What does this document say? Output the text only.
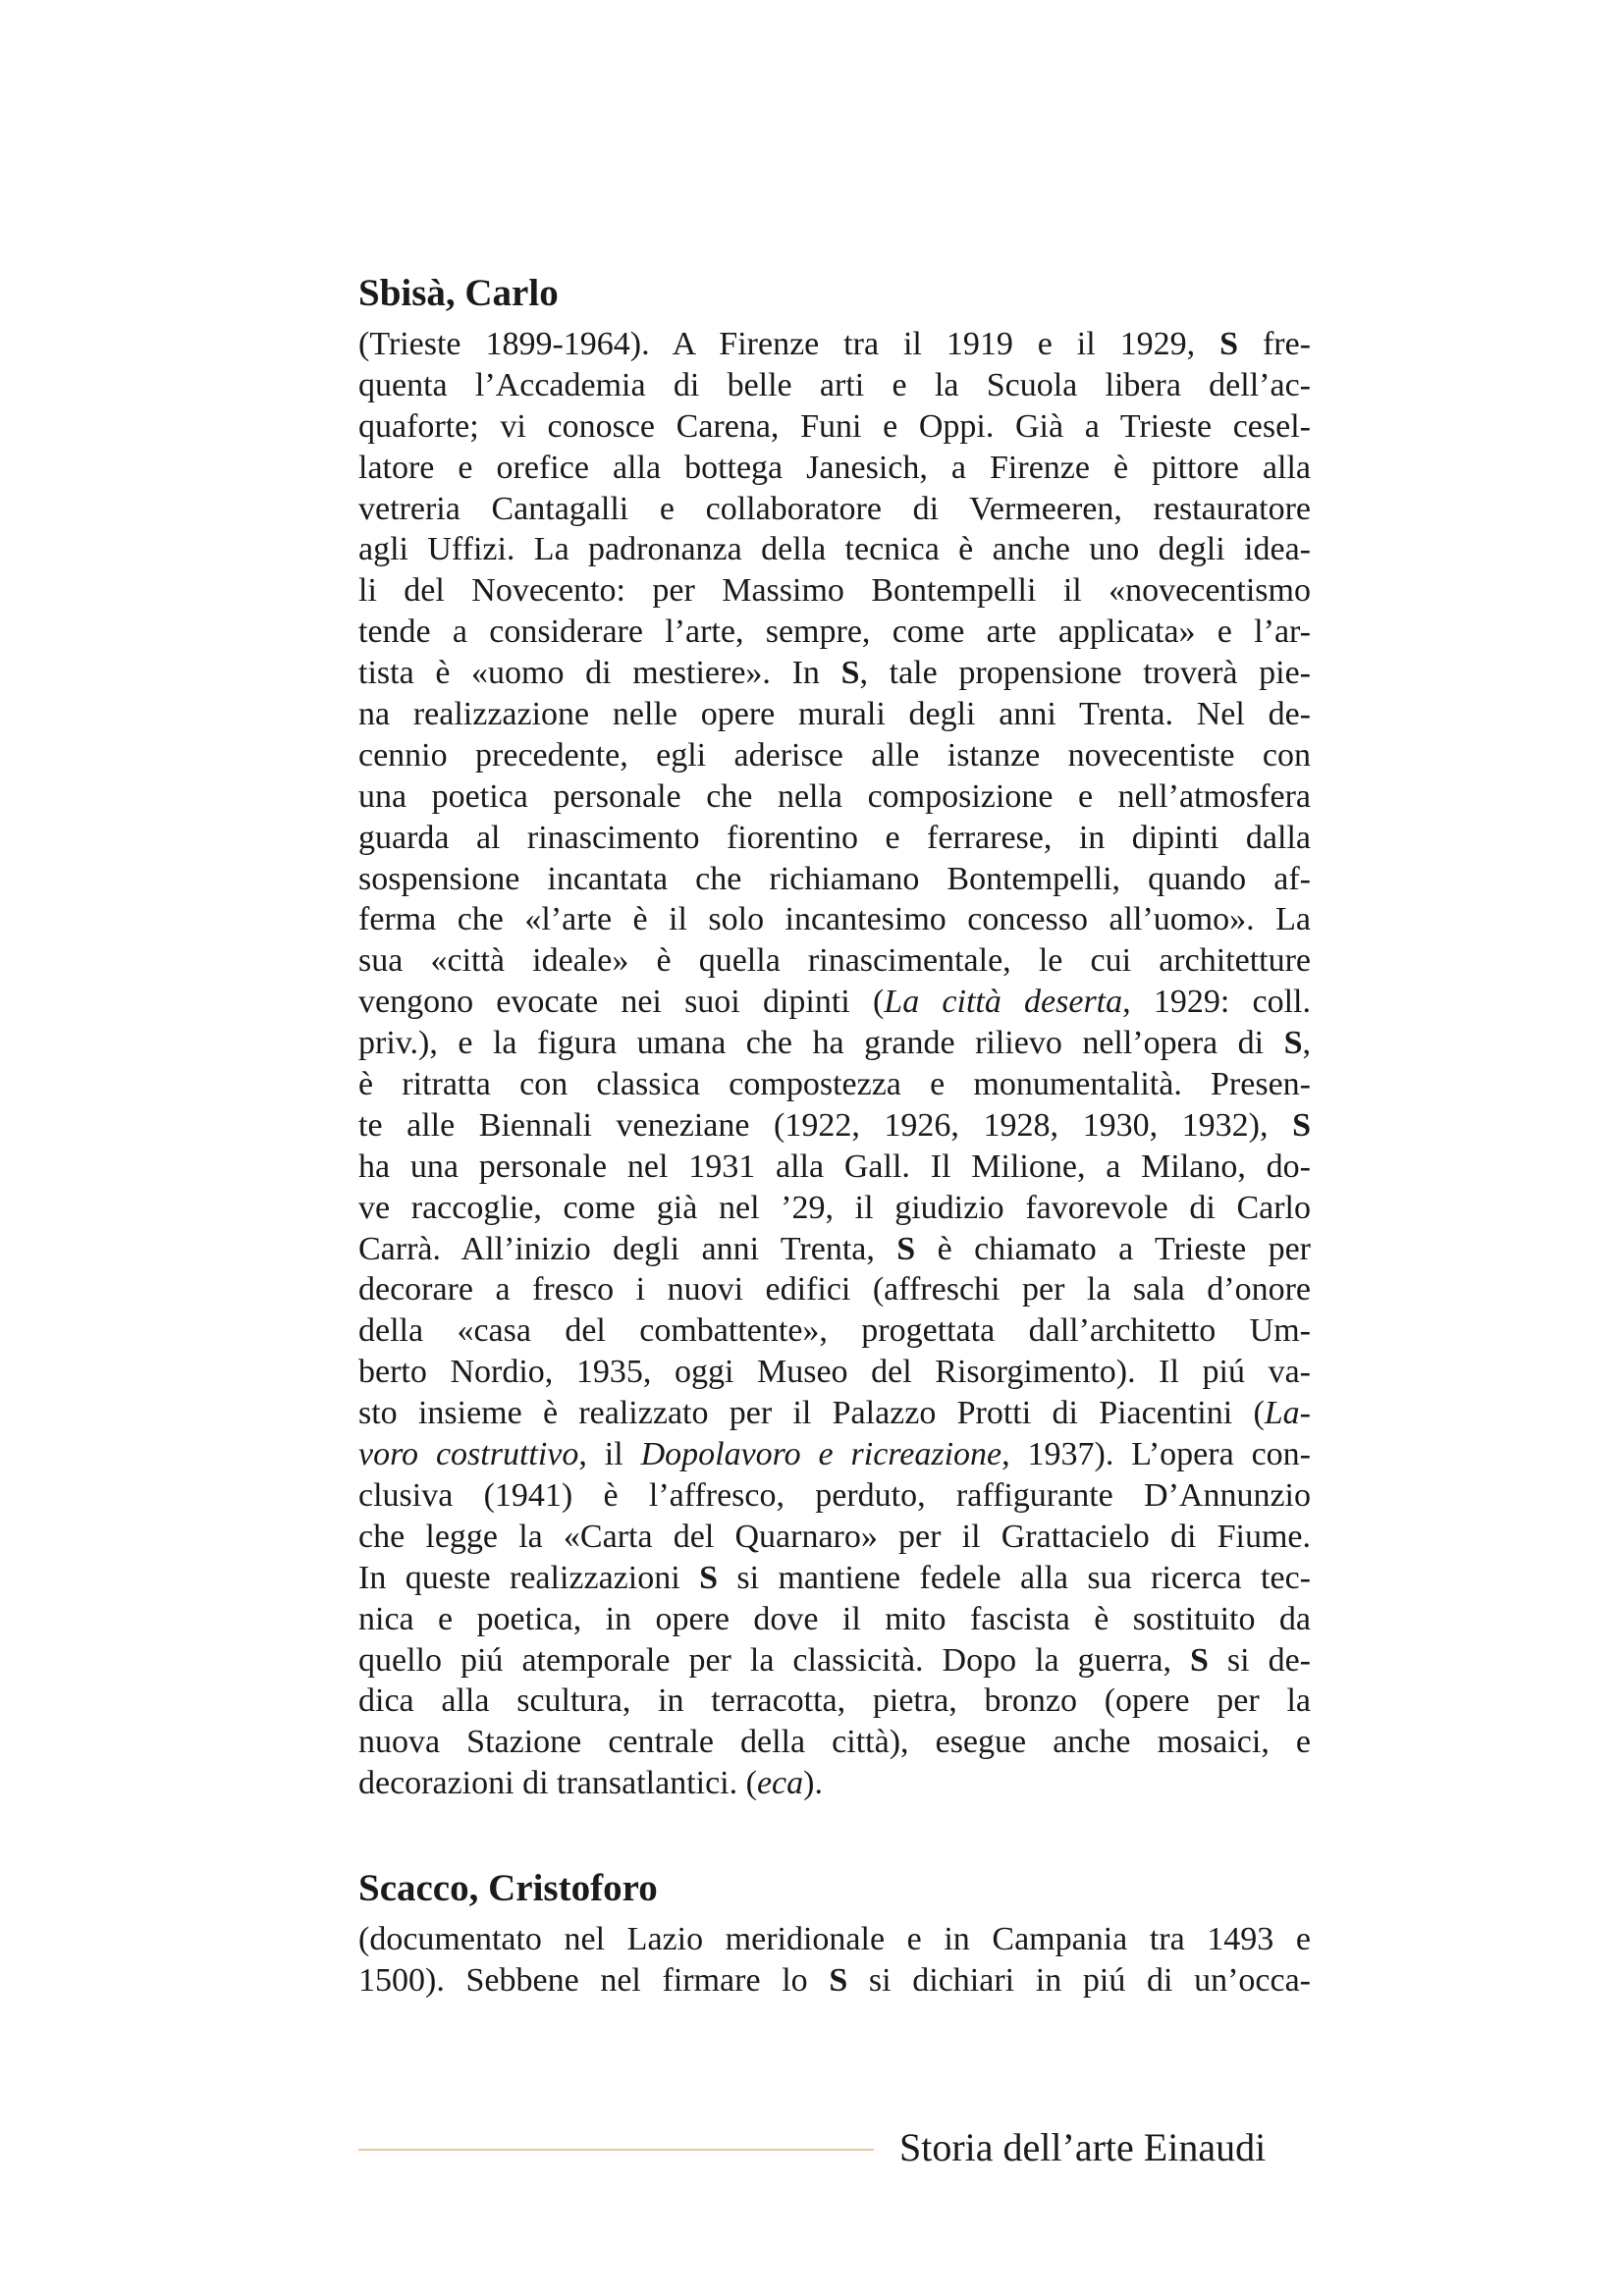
Sbisà, Carlo
(Trieste 1899-1964). A Firenze tra il 1919 e il 1929, S fre-
quenta l’Accademia di belle arti e la Scuola libera dell’ac-
quaforte; vi conosce Carena, Funi e Oppi. Già a Trieste cesel-
latore e orefice alla bottega Janesich, a Firenze è pittore alla
vetreria Cantagalli e collaboratore di Vermeeren, restauratore
agli Uffizi. La padronanza della tecnica è anche uno degli idea-
li del Novecento: per Massimo Bontempelli il «novecentismo
tende a considerare l’arte, sempre, come arte applicata» e l’ar-
tista è «uomo di mestiere». In S, tale propensione troverà pie-
na realizzazione nelle opere murali degli anni Trenta. Nel de-
cennio precedente, egli aderisce alle istanze novecentiste con
una poetica personale che nella composizione e nell’atmosfera
guarda al rinascimento fiorentino e ferrarese, in dipinti dalla
sospensione incantata che richiamano Bontempelli, quando af-
ferma che «l’arte è il solo incantesimo concesso all’uomo». La
sua «città ideale» è quella rinascimentale, le cui architetture
vengono evocate nei suoi dipinti (La città deserta, 1929: coll.
priv.), e la figura umana che ha grande rilievo nell’opera di S,
è ritratta con classica compostezza e monumentalità. Presen-
te alle Biennali veneziane (1922, 1926, 1928, 1930, 1932), S
ha una personale nel 1931 alla Gall. Il Milione, a Milano, do-
ve raccoglie, come già nel ’29, il giudizio favorevole di Carlo
Carrà. All’inizio degli anni Trenta, S è chiamato a Trieste per
decorare a fresco i nuovi edifici (affreschi per la sala d’onore
della «casa del combattente», progettata dall’architetto Um-
berto Nordio, 1935, oggi Museo del Risorgimento). Il piú va-
sto insieme è realizzato per il Palazzo Protti di Piacentini (La-
voro costruttivo, il Dopolavoro e ricreazione, 1937). L’opera con-
clusiva (1941) è l’affresco, perduto, raffigurante D’Annunzio
che legge la «Carta del Quarnaro» per il Grattacielo di Fiume.
In queste realizzazioni S si mantiene fedele alla sua ricerca tec-
nica e poetica, in opere dove il mito fascista è sostituito da
quello piú atemporale per la classicità. Dopo la guerra, S si de-
dica alla scultura, in terracotta, pietra, bronzo (opere per la
nuova Stazione centrale della città), esegue anche mosaici, e
decorazioni di transatlantici. (eca).
Scacco, Cristoforo
(documentato nel Lazio meridionale e in Campania tra 1493 e
1500). Sebbene nel firmare lo S si dichiari in piú di un’occa-
Storia dell’arte Einaudi
